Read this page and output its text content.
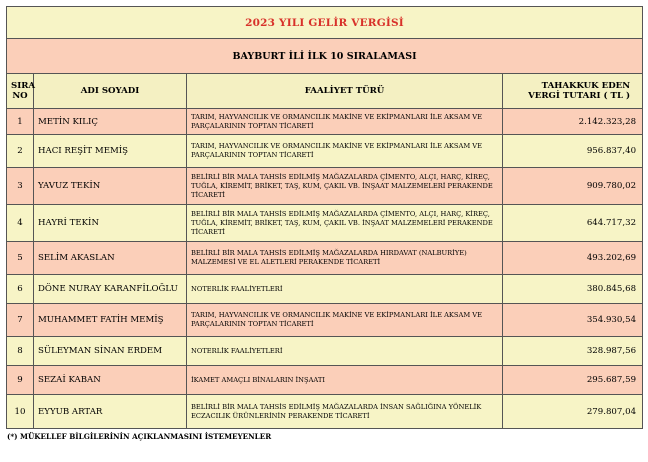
2023 YILI GELİR VERGİSİ			
BAYBURT İLİ İLK 10 SIRALAMASI			
SIRA
NO	ADI SOYADI	FAALİYET TÜRÜ	TAHAKKUK EDEN VERGİ TUTARI ( TL )
1	METİN KILIÇ	TARIM, HAYVANCILIK VE ORMANCILIK MAKİNE VE EKİPMANLARI İLE AKSAM VE PARÇALARININ TOPTAN TİCARETİ	2.142.323,28
2	HACI REŞİT MEMİŞ	TARIM, HAYVANCILIK VE ORMANCILIK MAKİNE VE EKİPMANLARI İLE AKSAM VE PARÇALARININ TOPTAN TİCARETİ	956.837,40
3	YAVUZ TEKİN	BELİRLİ BİR MALA TAHSİS EDİLMİŞ MAĞAZALARDA ÇİMENTO, ALÇI, HARÇ, KİREÇ, TUĞLA, KİREMİT, BRİKET, TAŞ, KUM, ÇAKIL VB. İNŞAAT MALZEMELERİ PERAKENDE TİCARETİ	909.780,02
4	HAYRİ TEKİN	BELİRLİ BİR MALA TAHSİS EDİLMİŞ MAĞAZALARDA ÇİMENTO, ALÇI, HARÇ, KİREÇ, TUĞLA, KİREMİT, BRİKET, TAŞ, KUM, ÇAKIL VB. İNŞAAT MALZEMELERİ PERAKENDE TİCARETİ	644.717,32
5	SELİM AKASLAN	BELİRLİ BİR MALA TAHSİS EDİLMİŞ MAĞAZALARDA HIRDAVAT (NALBURİYE) MALZEMESİ VE EL ALETLERİ PERAKENDE TİCARETİ	493.202,69
6	DÖNE NURAY KARANFİLOĞLU	NOTERLİK FAALİYETLERİ	380.845,68
7	MUHAMMET FATİH MEMİŞ	TARIM, HAYVANCILIK VE ORMANCILIK MAKİNE VE EKİPMANLARI İLE AKSAM VE PARÇALARININ TOPTAN TİCARETİ	354.930,54
8	SÜLEYMAN SİNAN ERDEM	NOTERLİK FAALİYETLERİ	328.987,56
9	SEZAİ KABAN	İKAMET AMAÇLI BİNALARIN İNŞAATI	295.687,59
10	EYYUB ARTAR	BELİRLİ BİR MALA TAHSİS EDİLMİŞ MAĞAZALARDA İNSAN SAĞLIĞINA YÖNELİK ECZACILIK ÜRÜNLERİNİN PERAKENDE TİCARETİ	279.807,04
(*) MÜKELLEF BİLGİLERİNİN AÇIKLANMASINI İSTEMEYENLER
